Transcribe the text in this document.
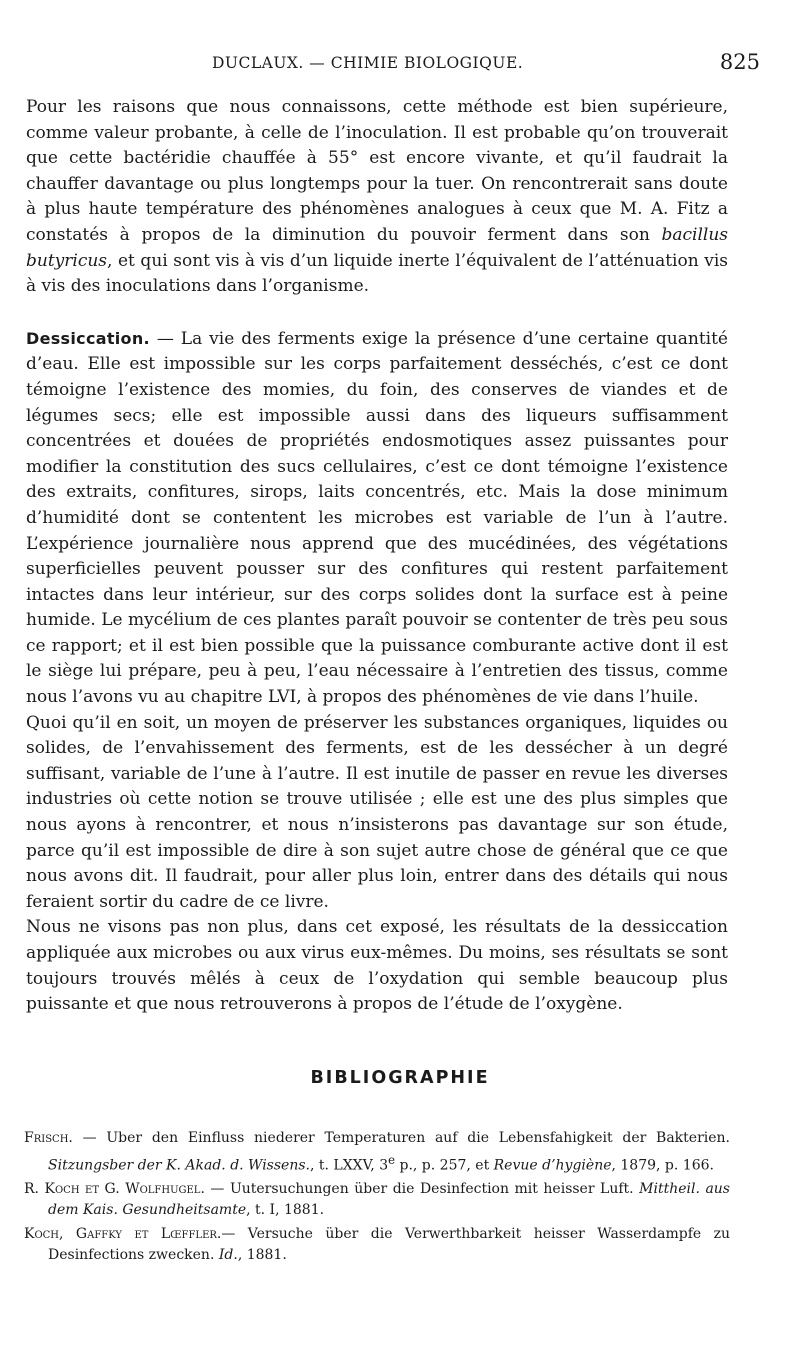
DUCLAUX. — CHIMIE BIOLOGIQUE.	825

Pour les raisons que nous connaissons, cette méthode est bien supérieure, comme valeur probante, à celle de l’inoculation. Il est probable qu’on trouverait que cette bactéridie chauffée à 55° est encore vivante, et qu’il faudrait la chauffer davantage ou plus longtemps pour la tuer. On rencontrerait sans doute à plus haute température des phénomènes analogues à ceux que M. A. Fitz a constatés à propos de la diminution du pouvoir ferment dans son bacillus butyricus, et qui sont vis à vis d’un liquide inerte l’équivalent de l’atténuation vis à vis des inoculations dans l’organisme.

Dessiccation. — La vie des ferments exige la présence d’une certaine quantité d’eau. Elle est impossible sur les corps parfaitement desséchés, c’est ce dont témoigne l’existence des momies, du foin, des conserves de viandes et de légumes secs; elle est impossible aussi dans des liqueurs suffisamment concentrées et douées de propriétés endosmotiques assez puissantes pour modifier la constitution des sucs cellulaires, c’est ce dont témoigne l’existence des extraits, confitures, sirops, laits concentrés, etc. Mais la dose minimum d’humidité dont se contentent les microbes est variable de l’un à l’autre. L’expérience journalière nous apprend que des mucédinées, des végétations superficielles peuvent pousser sur des confitures qui restent parfaitement intactes dans leur intérieur, sur des corps solides dont la surface est à peine humide. Le mycélium de ces plantes paraît pouvoir se contenter de très peu sous ce rapport; et il est bien possible que la puissance comburante active dont il est le siège lui prépare, peu à peu, l’eau nécessaire à l’entretien des tissus, comme nous l’avons vu au chapitre LVI, à propos des phénomènes de vie dans l’huile.

Quoi qu’il en soit, un moyen de préserver les substances organiques, liquides ou solides, de l’envahissement des ferments, est de les dessécher à un degré suffisant, variable de l’une à l’autre. Il est inutile de passer en revue les diverses industries où cette notion se trouve utilisée ; elle est une des plus simples que nous ayons à rencontrer, et nous n’insisterons pas davantage sur son étude, parce qu’il est impossible de dire à son sujet autre chose de général que ce que nous avons dit. Il faudrait, pour aller plus loin, entrer dans des détails qui nous feraient sortir du cadre de ce livre.

Nous ne visons pas non plus, dans cet exposé, les résultats de la dessiccation appliquée aux microbes ou aux virus eux-mêmes. Du moins, ses résultats se sont toujours trouvés mêlés à ceux de l’oxydation qui semble beaucoup plus puissante et que nous retrouverons à propos de l’étude de l’oxygène.

BIBLIOGRAPHIE

Frisch. — Uber den Einfluss niederer Temperaturen auf die Lebensfahigkeit der Bakterien. Sitzungsber der K. Akad. d. Wissens., t. LXXV, 3e p., p. 257, et Revue d’hygiène, 1879, p. 166.

R. Koch et G. Wolfhugel. — Uutersuchungen über die Desinfection mit heisser Luft. Mittheil. aus dem Kais. Gesundheitsamte, t. I, 1881.

Koch, Gaffky et Lœffler.— Versuche über die Verwerthbarkeit heisser Wasserdampfe zu Desinfections zwecken. Id., 1881.
